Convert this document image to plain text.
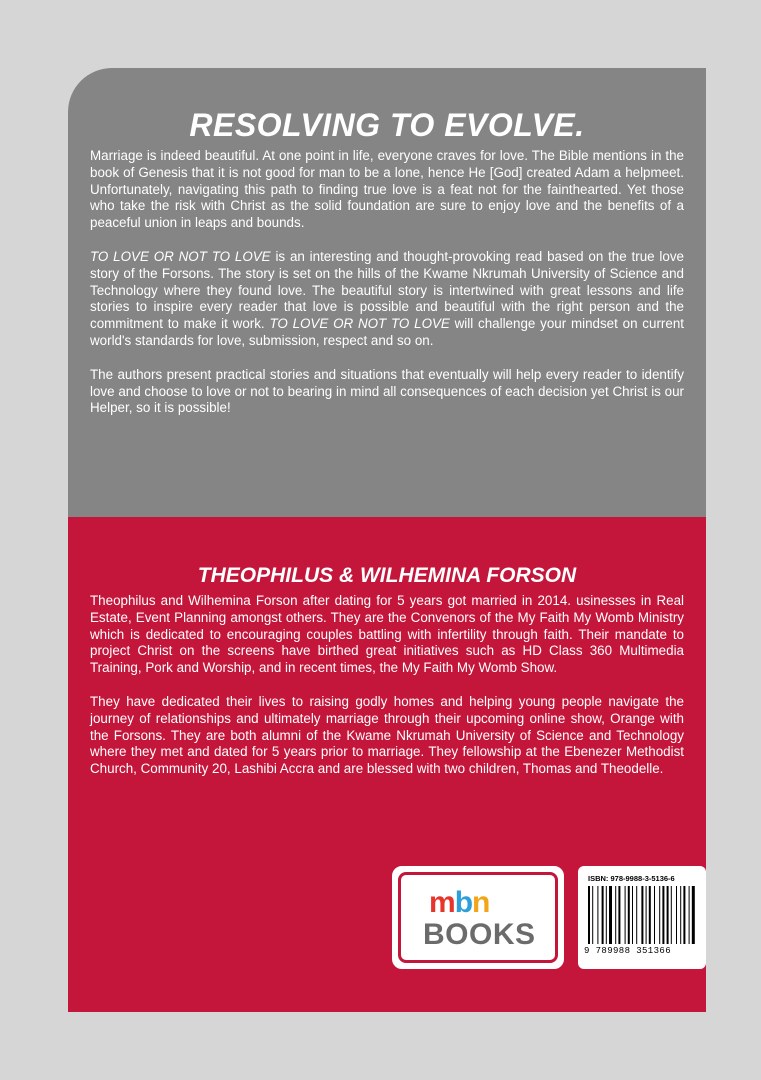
RESOLVING TO EVOLVE.

Marriage is indeed beautiful. At one point in life, everyone craves for love. The Bible mentions in the book of Genesis that it is not good for man to be a lone, hence He [God] created Adam a helpmeet. Unfortunately, navigating this path to finding true love is a feat not for the fainthearted. Yet those who take the risk with Christ as the solid foundation are sure to enjoy love and the benefits of a peaceful union in leaps and bounds.

TO LOVE OR NOT TO LOVE is an interesting and thought-provoking read based on the true love story of the Forsons. The story is set on the hills of the Kwame Nkrumah University of Science and Technology where they found love. The beautiful story is intertwined with great lessons and life stories to inspire every reader that love is possible and beautiful with the right person and the commitment to make it work. TO LOVE OR NOT TO LOVE will challenge your mindset on current world's standards for love, submission, respect and so on.

The authors present practical stories and situations that eventually will help every reader to identify love and choose to love or not to bearing in mind all consequences of each decision yet Christ is our Helper, so it is possible!

THEOPHILUS & WILHEMINA FORSON

Theophilus and Wilhemina Forson after dating for 5 years got married in 2014. usinesses in Real Estate, Event Planning amongst others. They are the Convenors of the My Faith My Womb Ministry which is dedicated to encouraging couples battling with infertility through faith. Their mandate to project Christ on the screens have birthed great initiatives such as HD Class 360 Multimedia Training, Pork and Worship, and in recent times, the My Faith My Womb Show.

They have dedicated their lives to raising godly homes and helping young people navigate the journey of relationships and ultimately marriage through their upcoming online show, Orange with the Forsons. They are both alumni of the Kwame Nkrumah University of Science and Technology where they met and dated for 5 years prior to marriage. They fellowship at the Ebenezer Methodist Church, Community 20, Lashibi Accra and are blessed with two children, Thomas and Theodelle.

mbn
BOOKS
ISBN: 978-9988-3-5136-6
9 789988 351366
